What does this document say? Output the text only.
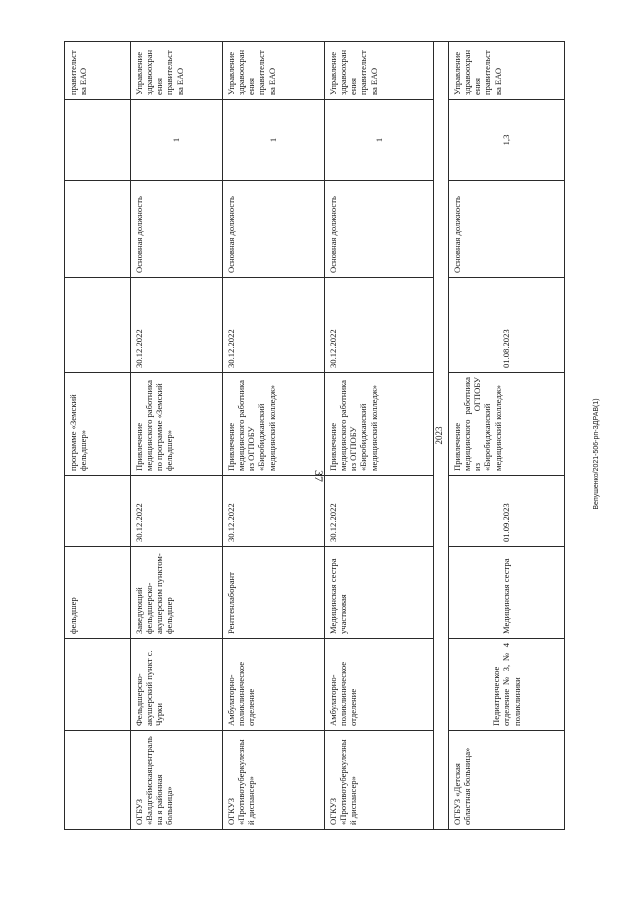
37	Вепушенко/2021-506-рп-ЗДРАВ(1)
		фельдшер		программе «Земский фельдшер»				правительст ва ЕАО
ОГБУЗ «Валдгеймскаяцентральна я районная больница»	Фельдшерско-акушерский пункт с. Чурки	Заведующий фельдшерско-акушерским пунктом-фельдшер	30.12.2022	Привлечение медицинского работника по программе «Земский фельдшер»	30.12.2022	Основная должность	1	Управление здравоохран ения правительст ва ЕАО
ОГКУЗ «Противотуберкулезный диспансер»	Амбулаторно-поликлиническое отделение	Рентгенлаборант	30.12.2022	Привлечение медицинского работника из ОГПОБУ «Биробиджанский медицинский колледж»	30.12.2022	Основная должность	1	Управление здравоохран ения правительст ва ЕАО
ОГКУЗ «Противотуберкулезный диспансер»	Амбулаторно-поликлиническое отделение	Медицинская сестра участковая	30.12.2022	Привлечение медицинского работника из ОГПОБУ «Биробиджанский медицинский колледж»	30.12.2022	Основная должность	1	Управление здравоохран ения правительст ва ЕАО

2023								

ОГБУЗ «Детская областная больница»	Педиатрическое отделение № 3, № 4 поликлиники	Медицинская сестра	01.09.2023	Привлечение медицинского работника из ОГПОБУ «Биробиджанский медицинский колледж»	01.08.2023	Основная должность	1,3	Управление здравоохран ения правительст ва ЕАО
